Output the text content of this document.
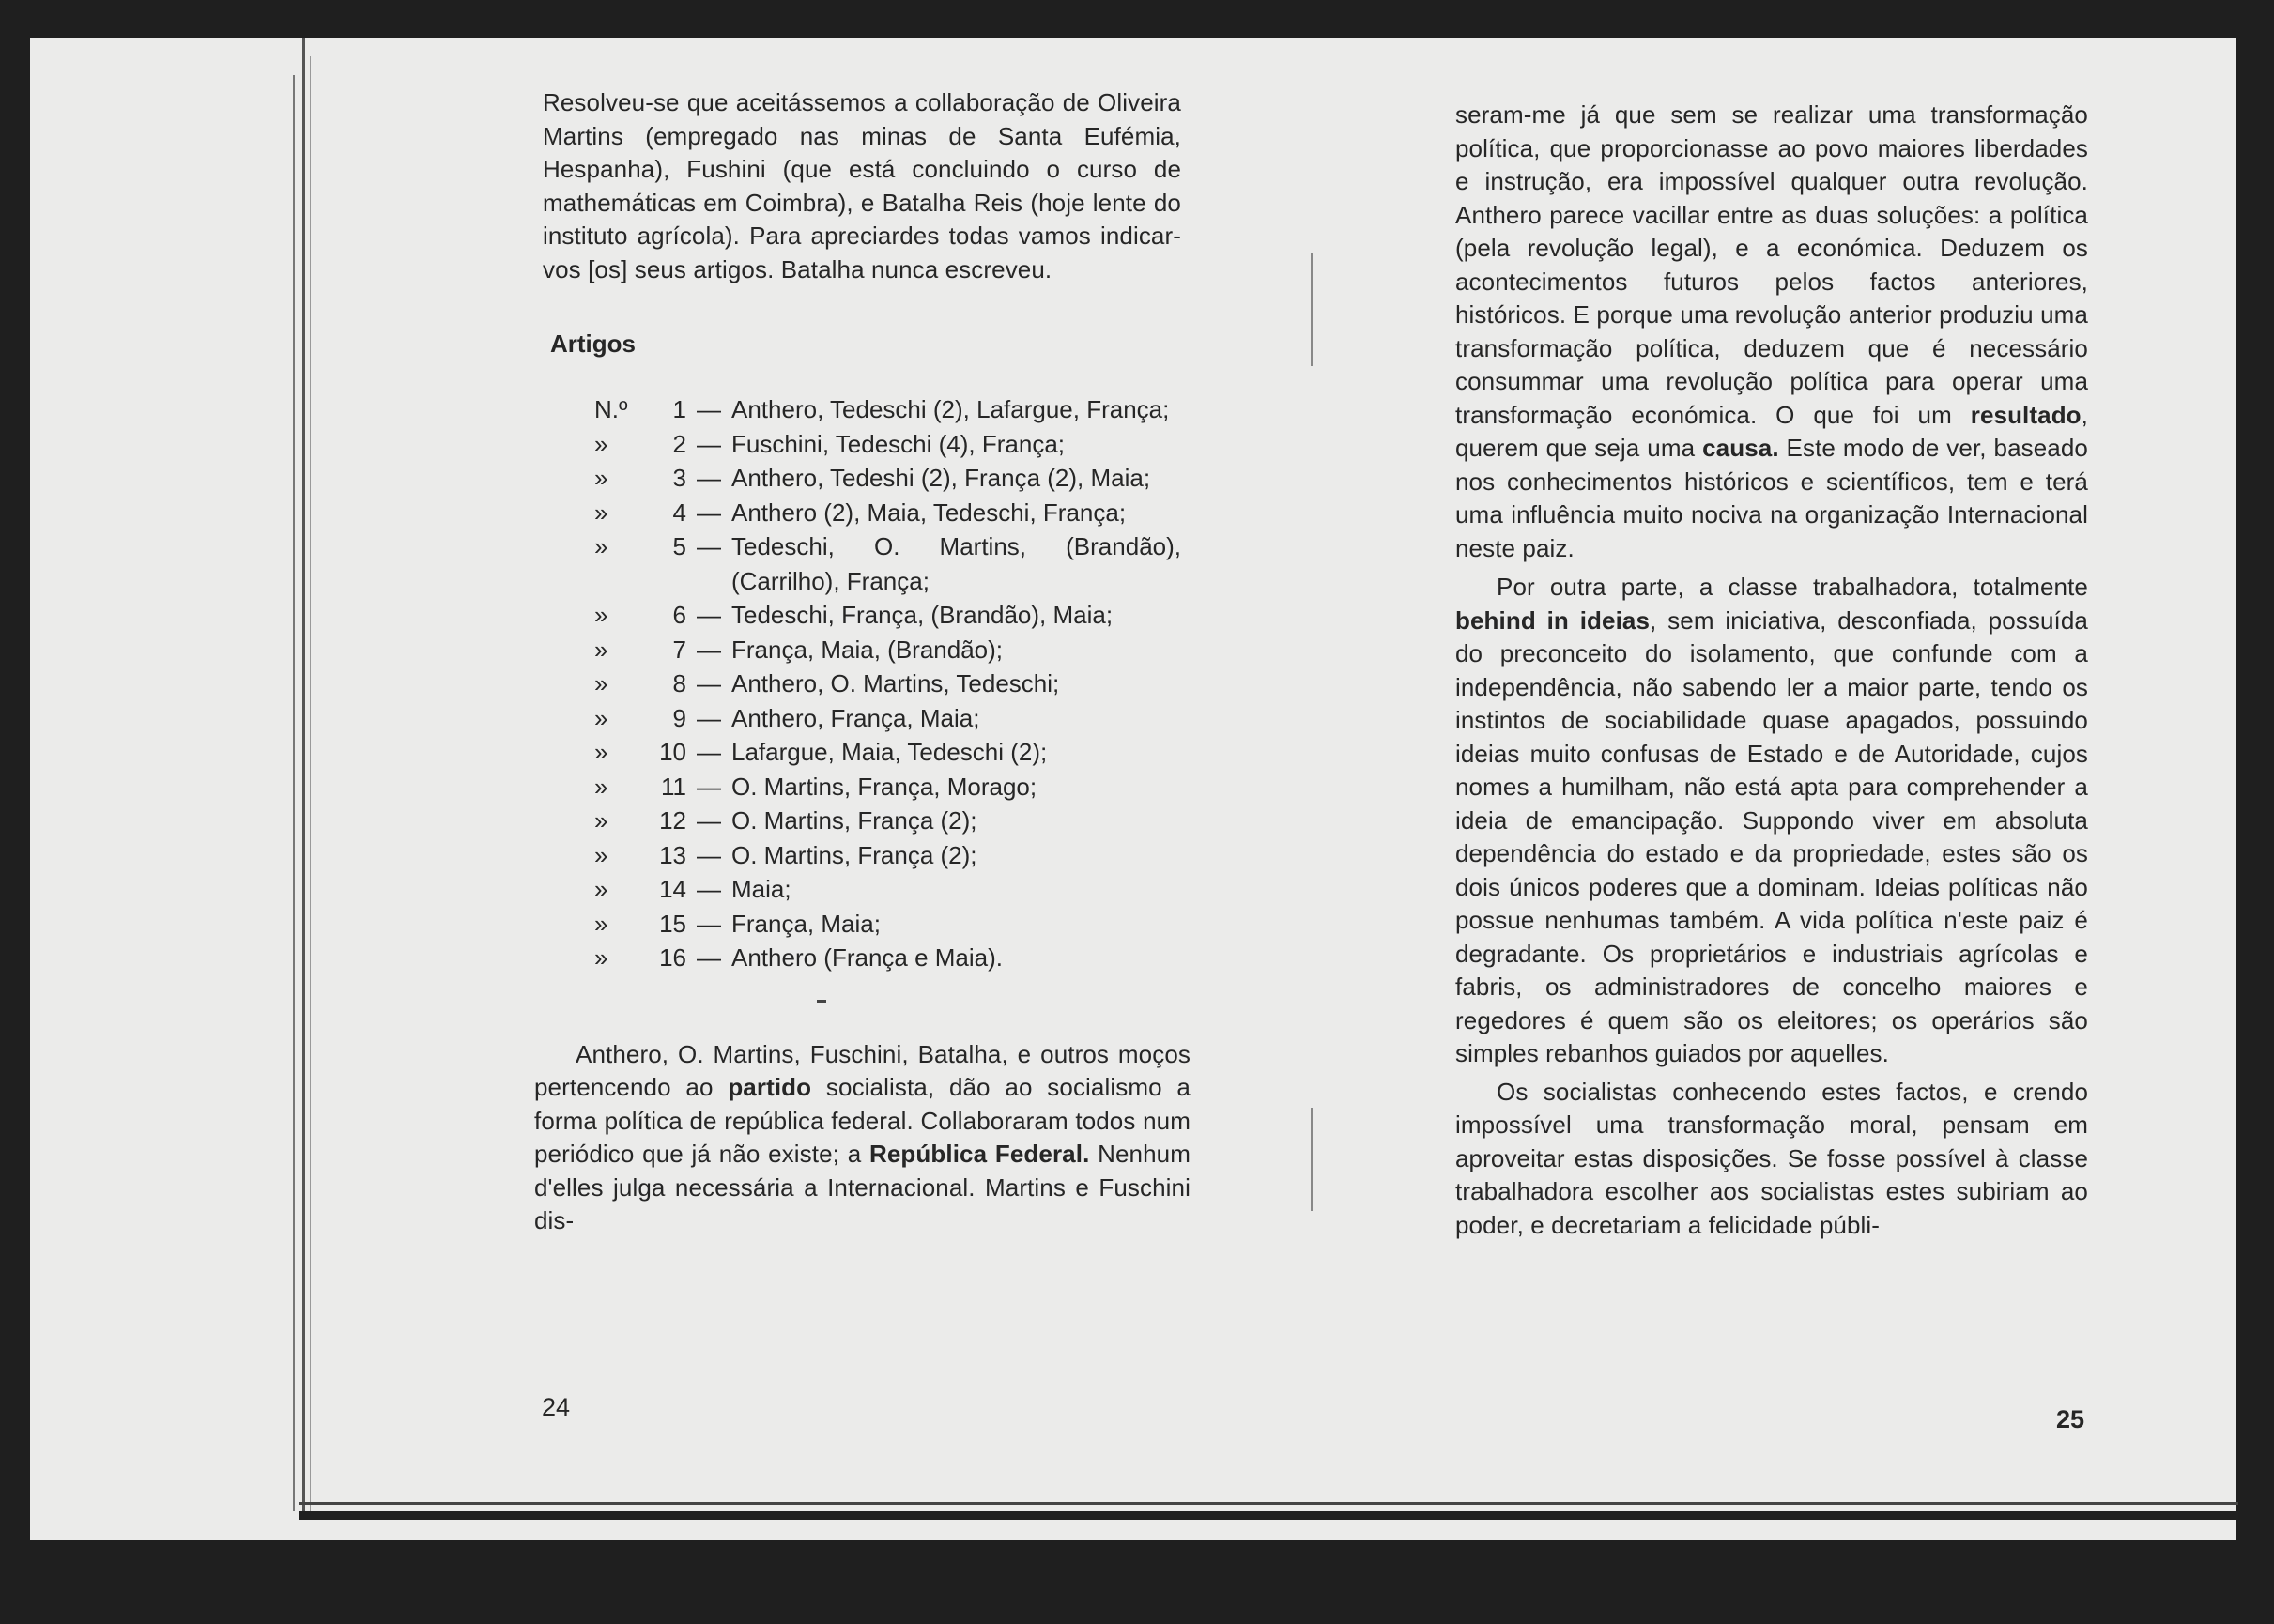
Resolveu-se que aceitássemos a collaboração de Oliveira Martins (empregado nas minas de Santa Eufémia, Hespanha), Fushini (que está concluindo o curso de mathemáticas em Coimbra), e Batalha Reis (hoje lente do instituto agrícola). Para apreciardes todas vamos indicar-vos [os] seus artigos. Batalha nunca escreveu.

Artigos
N.º	1 — Anthero, Tedeschi (2), Lafargue, França;
»	2 — Fuschini, Tedeschi (4), França;
»	3 — Anthero, Tedeshi (2), França (2), Maia;
»	4 — Anthero (2), Maia, Tedeschi, França;
»	5 — Tedeschi, O. Martins, (Brandão), (Carrilho), França;
»	6 — Tedeschi, França, (Brandão), Maia;
»	7 — França, Maia, (Brandão);
»	8 — Anthero, O. Martins, Tedeschi;
»	9 — Anthero, França, Maia;
»	10 — Lafargue, Maia, Tedeschi (2);
»	11 — O. Martins, França, Morago;
»	12 — O. Martins, França (2);
»	13 — O. Martins, França (2);
»	14 — Maia;
»	15 — França, Maia;
»	16 — Anthero (França e Maia).

Anthero, O. Martins, Fuschini, Batalha, e outros moços pertencendo ao partido socialista, dão ao socialismo a forma política de república federal. Collaboraram todos num periódico que já não existe; a República Federal. Nenhum d'elles julga necessária a Internacional. Martins e Fuschini dis-

24

seram-me já que sem se realizar uma transformação política, que proporcionasse ao povo maiores liberdades e instrução, era impossível qualquer outra revolução. Anthero parece vacillar entre as duas soluções: a política (pela revolução legal), e a económica. Deduzem os acontecimentos futuros pelos factos anteriores, históricos. E porque uma revolução anterior produziu uma transformação política, deduzem que é necessário consummar uma revolução política para operar uma transformação económica. O que foi um resultado, querem que seja uma causa. Este modo de ver, baseado nos conhecimentos históricos e scientíficos, tem e terá uma influência muito nociva na organização Internacional neste paiz.

Por outra parte, a classe trabalhadora, totalmente behind in ideias, sem iniciativa, desconfiada, possuída do preconceito do isolamento, que confunde com a independência, não sabendo ler a maior parte, tendo os instintos de sociabilidade quase apagados, possuindo ideias muito confusas de Estado e de Autoridade, cujos nomes a humilham, não está apta para comprehender a ideia de emancipação. Suppondo viver em absoluta dependência do estado e da propriedade, estes são os dois únicos poderes que a dominam. Ideias políticas não possue nenhumas também. A vida política n'este paiz é degradante. Os proprietários e industriais agrícolas e fabris, os administradores de concelho maiores e regedores é quem são os eleitores; os operários são simples rebanhos guiados por aquelles.

Os socialistas conhecendo estes factos, e crendo impossível uma transformação moral, pensam em aproveitar estas disposições. Se fosse possível à classe trabalhadora escolher aos socialistas estes subiriam ao poder, e decretariam a felicidade públi-

25
